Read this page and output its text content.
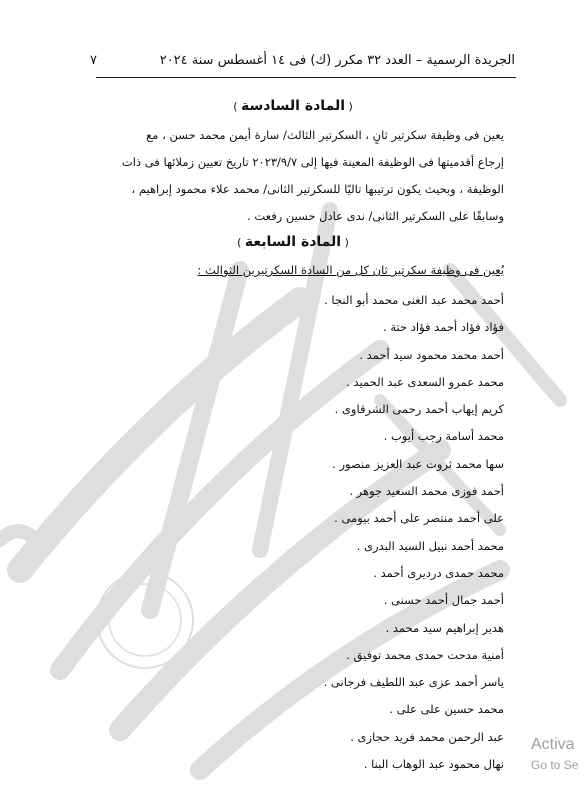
الجريدة الرسمية – العدد ٣٢ مكرر (ك) فى ١٤ أغسطس سنة ٢٠٢٤
٧
( المادة السادسة )
يعين فى وظيفة سكرتير ثانٍ ، السكرتير الثالث/ سارة أيمن محمد حسن ، مع
إرجاع أقدميتها فى الوظيفة المعينة فيها إلى ٢٠٢٣/٩/٧ تاريخ تعيين زملائها فى ذات
الوظيفة ، وبحيث يكون ترتيبها تاليًا للسكرتير الثانى/ محمد علاء محمود إبراهيم ،
وسابقًا على السكرتير الثانى/ ندى عادل حسين رفعت .
( المادة السابعة )
يُعين فى وظيفة سكرتير ثان كل من السادة السكرتيرين الثوالث :
أحمد محمد عبد الغنى محمد أبو النجا .
فؤاد فؤاد أحمد فؤاد حتة .
أحمد محمد محمود سيد أحمد .
محمد عمرو السعدى عبد الحميد .
كريم إيهاب أحمد رحمى الشرقاوى .
محمد أسامة رجب أيوب .
سها محمد ثروت عبد العزيز منصور .
أحمد فوزى محمد السعيد جوهر .
على أحمد منتصر على أحمد بيومى .
محمد أحمد نبيل السيد البدرى .
محمد حمدى دردیری أحمد .
أحمد جمال أحمد حسنى .
هدير إبراهيم سيد محمد .
أمنية مدحت حمدى محمد توفيق .
ياسر أحمد عزى عبد اللطيف فرجانى .
محمد حسين على على .
عبد الرحمن محمد فريد حجازى .
نهال محمود عبد الوهاب البنا .
Activa
Go to Se
